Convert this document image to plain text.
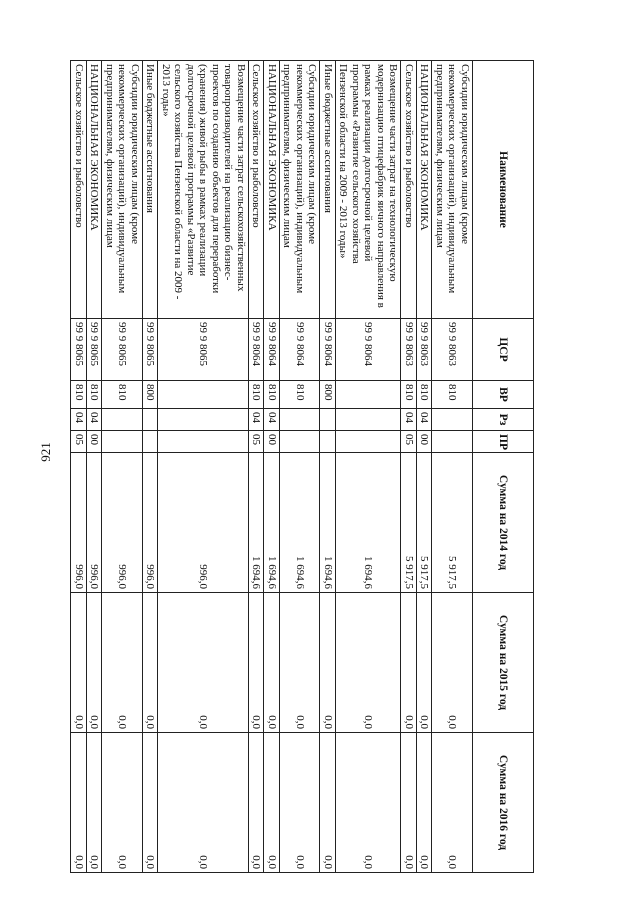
921
Наименование	ЦСР	ВР	Рз	ПР	Сумма на 2014 год	Сумма на 2015 год	Сумма на 2016 год
Субсидии юридическим лицам (кроме некоммерческих организаций), индивидуальным предпринимателям, физическим лицам	99 9 8063	810			5 917,5	0,0	0,0
НАЦИОНАЛЬНАЯ ЭКОНОМИКА	99 9 8063	810	04	00	5 917,5	0,0	0,0
Сельское хозяйство и рыболовство	99 9 8063	810	04	05	5 917,5	0,0	0,0
Возмещение части затрат на технологическую модернизацию птицефабрик яичного направления в рамках реализации долгосрочной целевой программы «Развитие сельского хозяйства Пензенской области на 2009 - 2013 годы»	99 9 8064				1 694,6	0,0	0,0
Иные бюджетные ассигнования	99 9 8064	800			1 694,6	0,0	0,0
Субсидии юридическим лицам (кроме некоммерческих организаций), индивидуальным предпринимателям, физическим лицам	99 9 8064	810			1 694,6	0,0	0,0
НАЦИОНАЛЬНАЯ ЭКОНОМИКА	99 9 8064	810	04	00	1 694,6	0,0	0,0
Сельское хозяйство и рыболовство	99 9 8064	810	04	05	1 694,6	0,0	0,0
Возмещение части затрат сельскохозяйственных товаропроизводителей на реализацию бизнес-проектов по созданию объектов для переработки (хранения) живой рыбы в рамках реализации долгосрочной целевой программы «Развитие сельского хозяйства Пензенской области на 2009 - 2013 годы»	99 9 8065				996,0	0,0	0,0
Иные бюджетные ассигнования	99 9 8065	800			996,0	0,0	0,0
Субсидии юридическим лицам (кроме некоммерческих организаций), индивидуальным предпринимателям, физическим лицам	99 9 8065	810			996,0	0,0	0,0
НАЦИОНАЛЬНАЯ ЭКОНОМИКА	99 9 8065	810	04	00	996,0	0,0	0,0
Сельское хозяйство и рыболовство	99 9 8065	810	04	05	996,0	0,0	0,0
